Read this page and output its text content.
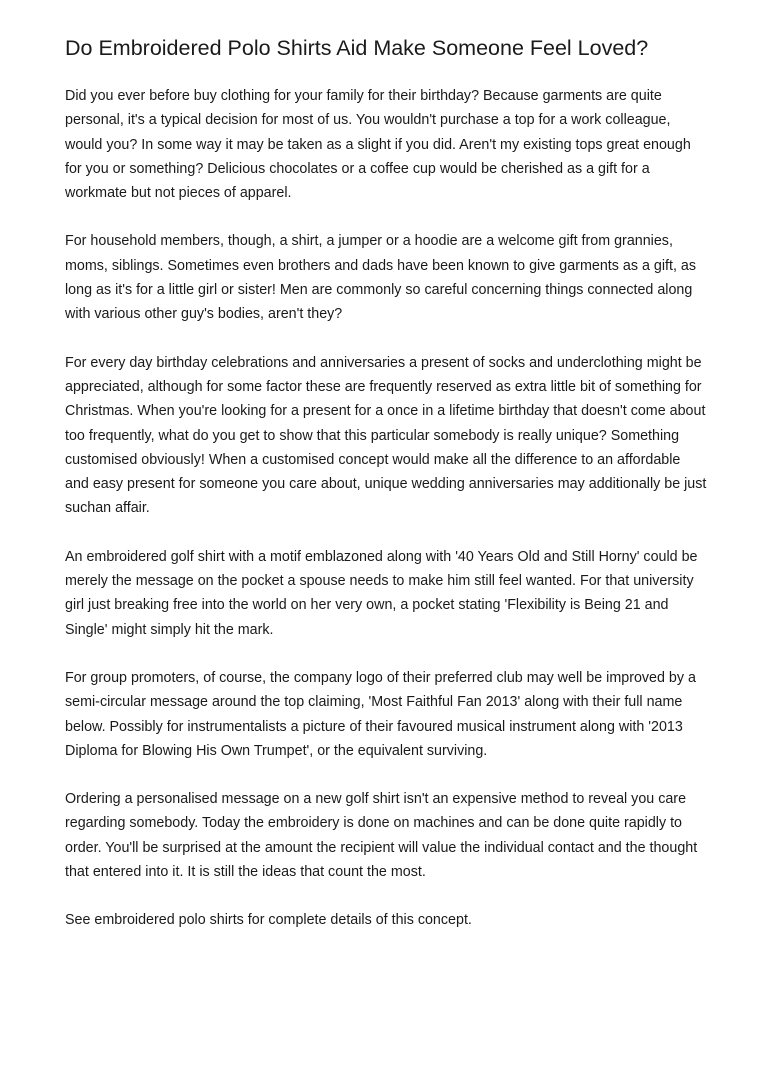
Do Embroidered Polo Shirts Aid Make Someone Feel Loved?

Did you ever before buy clothing for your family for their birthday? Because garments are quite personal, it's a typical decision for most of us. You wouldn't purchase a top for a work colleague, would you? In some way it may be taken as a slight if you did. Aren't my existing tops great enough for you or something? Delicious chocolates or a coffee cup would be cherished as a gift for a workmate but not pieces of apparel.

For household members, though, a shirt, a jumper or a hoodie are a welcome gift from grannies, moms, siblings. Sometimes even brothers and dads have been known to give garments as a gift, as long as it's for a little girl or sister! Men are commonly so careful concerning things connected along with various other guy's bodies, aren't they?

For every day birthday celebrations and anniversaries a present of socks and underclothing might be appreciated, although for some factor these are frequently reserved as extra little bit of something for Christmas. When you're looking for a present for a once in a lifetime birthday that doesn't come about too frequently, what do you get to show that this particular somebody is really unique? Something customised obviously! When a customised concept would make all the difference to an affordable and easy present for someone you care about, unique wedding anniversaries may additionally be just suchan affair.

An embroidered golf shirt with a motif emblazoned along with '40 Years Old and Still Horny' could be merely the message on the pocket a spouse needs to make him still feel wanted. For that university girl just breaking free into the world on her very own, a pocket stating 'Flexibility is Being 21 and Single' might simply hit the mark.

For group promoters, of course, the company logo of their preferred club may well be improved by a semi-circular message around the top claiming, 'Most Faithful Fan 2013' along with their full name below. Possibly for instrumentalists a picture of their favoured musical instrument along with '2013 Diploma for Blowing His Own Trumpet', or the equivalent surviving.

Ordering a personalised message on a new golf shirt isn't an expensive method to reveal you care regarding somebody. Today the embroidery is done on machines and can be done quite rapidly to order. You'll be surprised at the amount the recipient will value the individual contact and the thought that entered into it. It is still the ideas that count the most.

See embroidered polo shirts for complete details of this concept.
